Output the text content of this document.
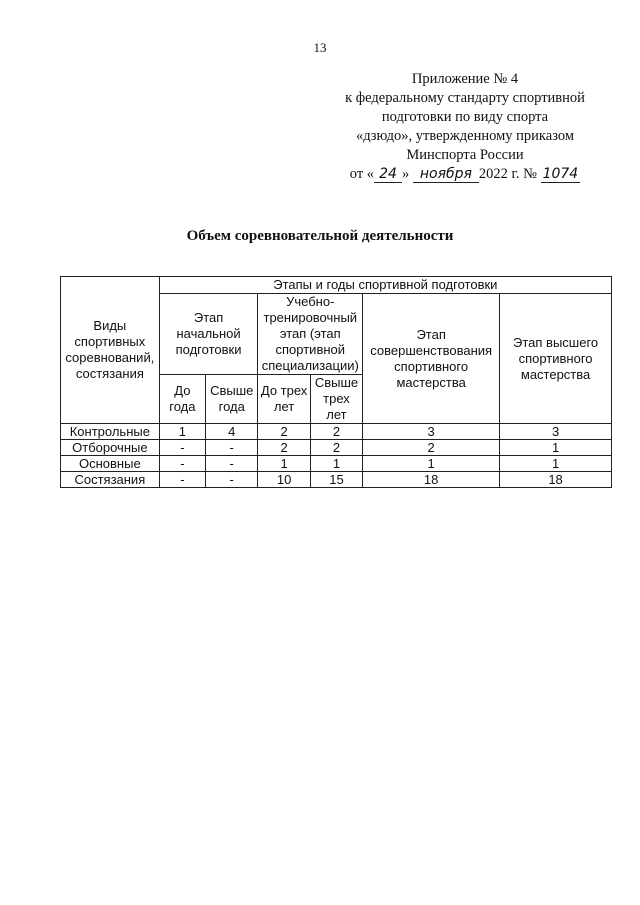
13
Приложение № 4
к федеральному стандарту спортивной
подготовки по виду спорта
«дзюдо», утвержденному приказом
Минспорта России
от « 24 » ноября 2022 г. № 1074
Объем соревновательной деятельности
Виды спортивных соревнований, состязания	Этапы и годы спортивной подготовки					
	Этап начальной подготовки		Учебно-тренировочный этап (этап спортивной специализации)		Этап совершенствования спортивного мастерства	Этап высшего спортивного мастерства
	До года	Свыше года	До трех лет	Свыше трех лет		
Контрольные	1	4	2	2	3	3
Отборочные	-	-	2	2	2	1
Основные	-	-	1	1	1	1
Состязания	-	-	10	15	18	18
